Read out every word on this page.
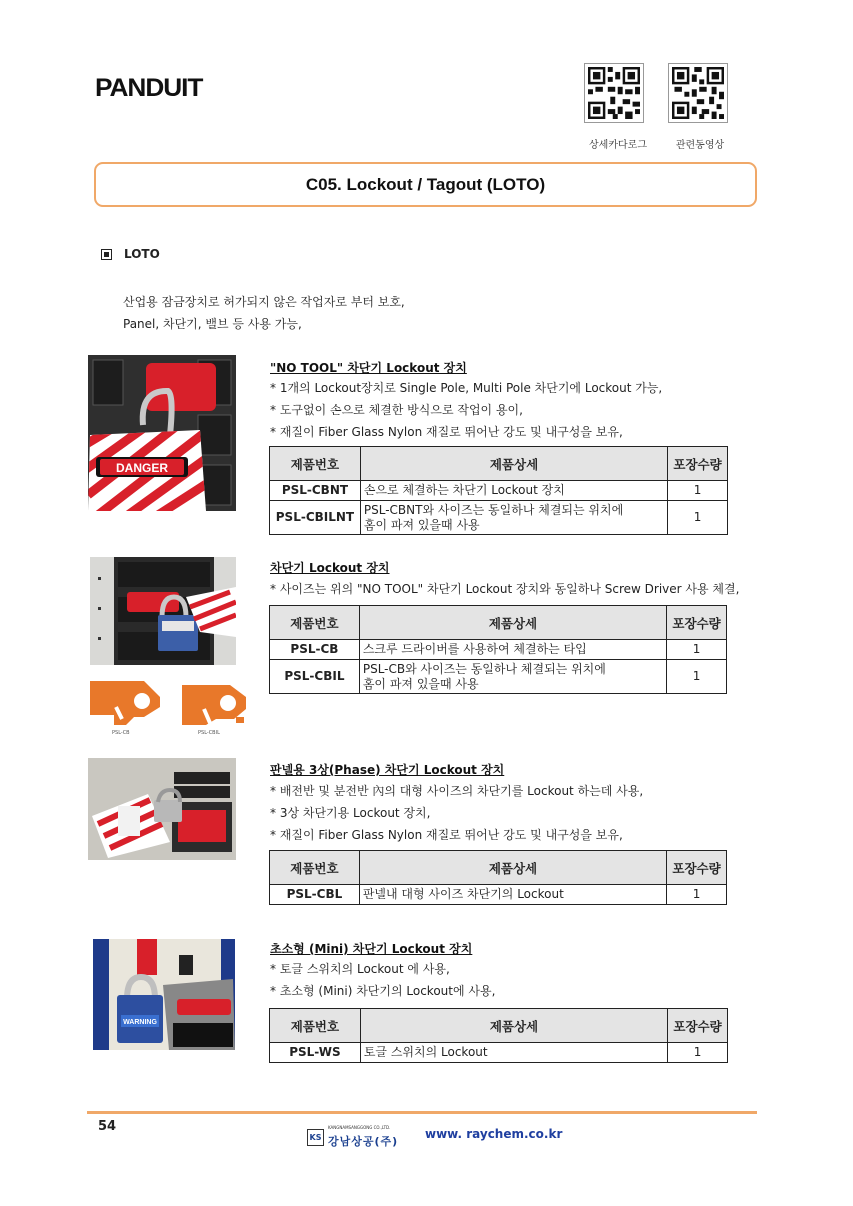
PANDUIT
상세카다로그	관련동영상
C05. Lockout / Tagout (LOTO)
LOTO
산업용 잠금장치로 허가되지 않은 작업자로 부터 보호,
Panel, 차단기, 밸브 등 사용 가능,
DANGER
"NO TOOL" 차단기 Lockout 장치
* 1개의 Lockout장치로 Single Pole, Multi Pole 차단기에 Lockout 가능,
* 도구없이 손으로 체결한 방식으로 작업이 용이,
* 재질이 Fiber Glass Nylon 재질로 뛰어난 강도 및 내구성을 보유,
제품번호	제품상세	포장수량
PSL-CBNT	손으로 체결하는 차단기 Lockout 장치	1
PSL-CBILNT	PSL-CBNT와 사이즈는 동일하나 체결되는 위치에
홈이 파져 있을때 사용	1
PSL-CB	PSL-CBIL
차단기 Lockout 장치
* 사이즈는 위의 "NO TOOL" 차단기 Lockout 장치와 동일하나 Screw Driver 사용 체결,
제품번호	제품상세	포장수량
PSL-CB	스크루 드라이버를 사용하여 체결하는 타입	1
PSL-CBIL	PSL-CB와 사이즈는 동일하나 체결되는 위치에
홈이 파져 있을때 사용	1
판넬용 3상(Phase) 차단기 Lockout 장치
* 배전반 및 분전반 內의 대형 사이즈의 차단기를 Lockout 하는데 사용,
* 3상 차단기용 Lockout 장치,
* 재질이 Fiber Glass Nylon 재질로 뛰어난 강도 및 내구성을 보유,
제품번호	제품상세	포장수량
PSL-CBL	판넬내 대형 사이즈 차단기의 Lockout	1
WARNING
초소형 (Mini) 차단기 Lockout 장치
* 토글 스위치의 Lockout 에 사용,
* 초소형 (Mini) 차단기의 Lockout에 사용,
제품번호	제품상세	포장수량
PSL-WS	토글 스위치의 Lockout	1
54
KS
KANGNAMSANGGONG CO.,LTD.
강남상공(주)
www. raychem.co.kr
